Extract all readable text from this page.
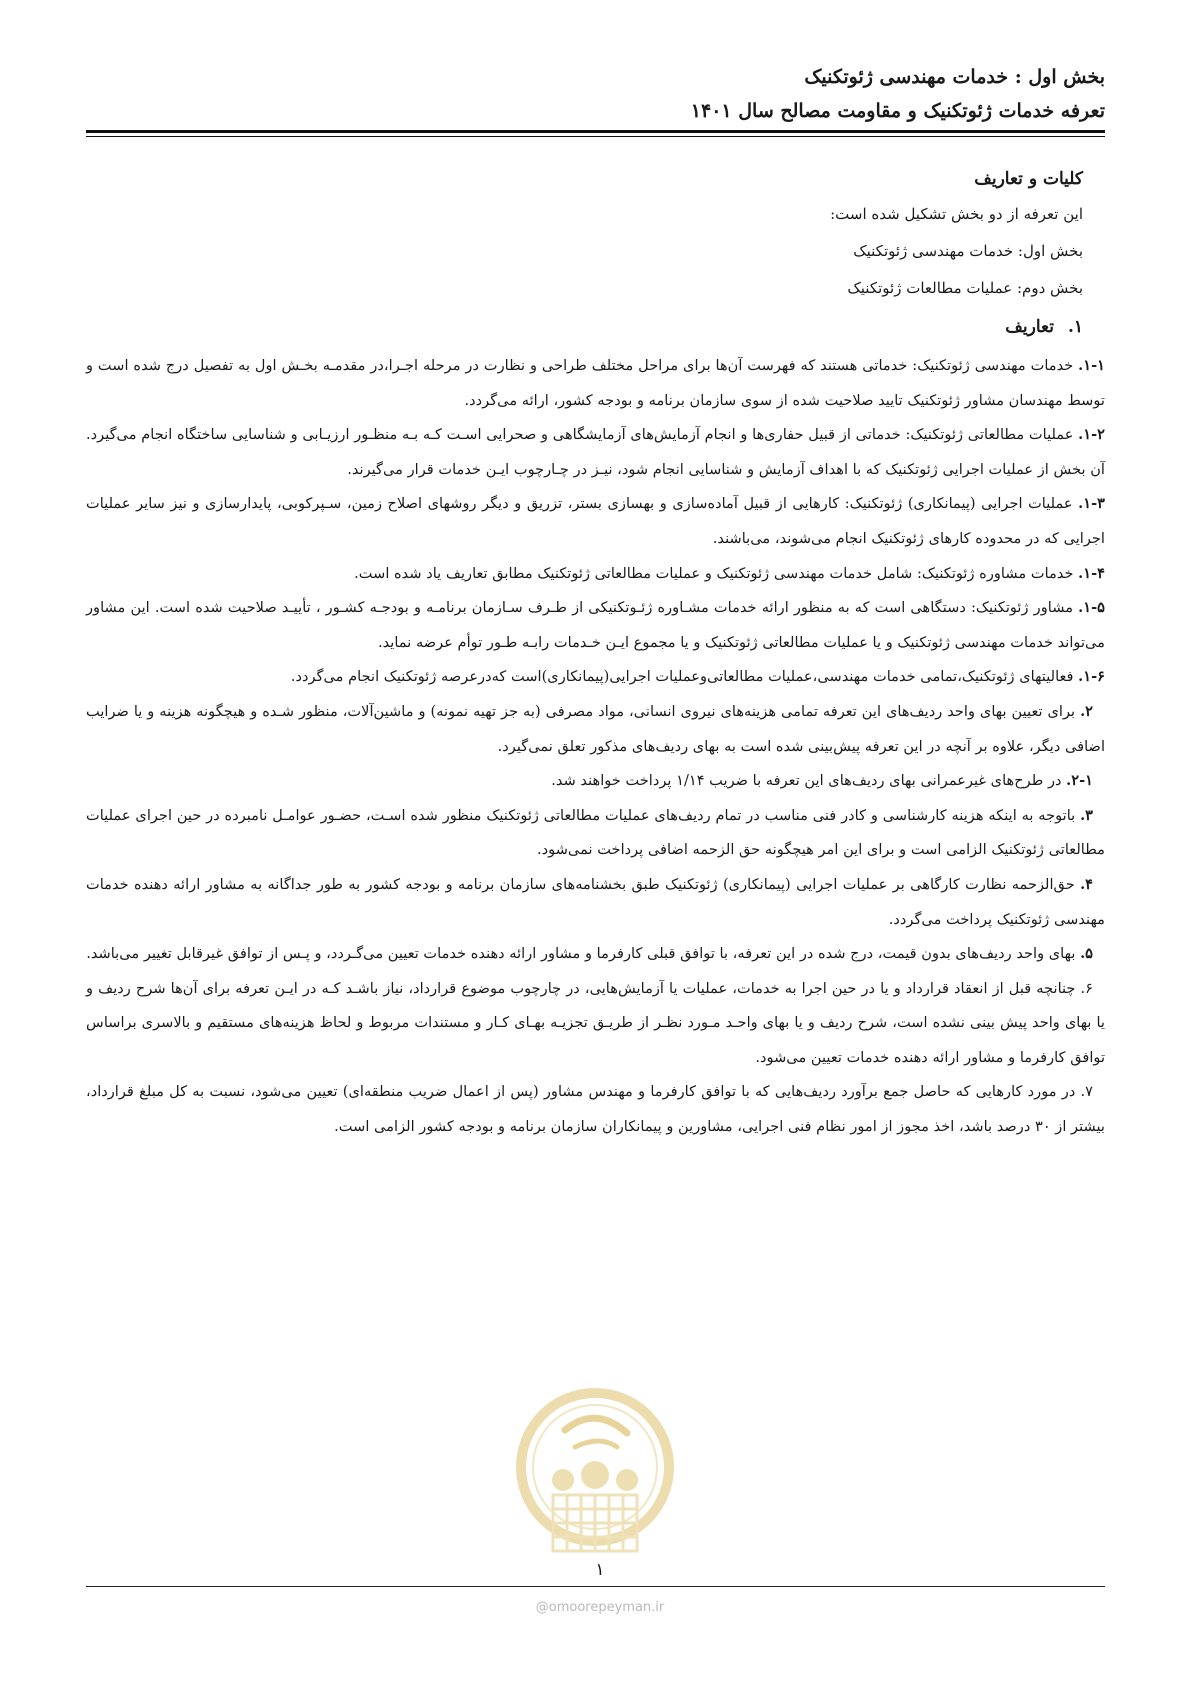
بخش اول : خدمات مهندسی ژئوتکنیک
تعرفه خدمات ژئوتکنیک و مقاومت مصالح سال ۱۴۰۱
کلیات و تعاریف
این تعرفه از دو بخش تشکیل شده است:
بخش اول: خدمات مهندسی ژئوتکنیک
بخش دوم: عملیات مطالعات ژئوتکنیک
۱.تعاریف

۱-۱. خدمات مهندسی ژئوتکنیک: خدماتی هستند که فهرست آن‌ها برای مراحل مختلف طراحی و نظارت در مرحله اجـرا،در مقدمـه بخـش اول به تفصیل درج شده است و توسط مهندسان مشاور ژئوتکنیک تایید صلاحیت شده از سوی سازمان برنامه و بودجه کشور، ارائه می‌گردد.

۱-۲. عملیات مطالعاتی ژئوتکنیک: خدماتی از قبیل حفاری‌ها و انجام آزمایش‌های آزمایشگاهی و صحرایی اسـت کـه بـه منظـور ارزیـابی و شناسایی ساختگاه انجام می‌گیرد. آن بخش از عملیات اجرایی ژئوتکنیک که با اهداف آزمایش و شناسایی انجام شود، نیـز در چـارچوب ایـن خدمات قرار می‌گیرند.

۱-۳. عملیات اجرایی (پیمانکاری) ژئوتکنیک: کارهایی از قبیل آماده‌سازی و بهسازی بستر، تزریق و دیگر روشهای اصلاح زمین، سـپرکوبی، پایدارسازی و نیز سایر عملیات اجرایی که در محدوده کارهای ژئوتکنیک انجام می‌شوند، می‌باشند.

۱-۴. خدمات مشاوره ژئوتکنیک: شامل خدمات مهندسی ژئوتکنیک و عملیات مطالعاتی ژئوتکنیک مطابق تعاریف یاد شده است.

۱-۵. مشاور ژئوتکنیک: دستگاهی است که به منظور ارائه خدمات مشـاوره ژئـوتکنیکی از طـرف سـازمان برنامـه و بودجـه کشـور ، تأییـد صلاحیت شده است. این مشاور می‌تواند خدمات مهندسی ژئوتکنیک و یا عملیات مطالعاتی ژئوتکنیک و یا مجموع ایـن خـدمات رابـه طـور توأم عرضه نماید.

۱-۶. فعالیتهای ژئوتکنیک،تمامی خدمات مهندسی،عملیات مطالعاتی‌وعملیات اجرایی(پیمانکاری)است که‌درعرصه ژئوتکنیک انجام می‌گردد.

۲. برای تعیین بهای واحد ردیف‌های این تعرفه تمامی هزینه‌های نیروی انسانی، مواد مصرفی (به جز تهیه نمونه) و ماشین‌آلات، منظور شـده و هیچگونه هزینه و یا ضرایب اضافی دیگر، علاوه بر آنچه در این تعرفه پیش‌بینی شده است به بهای ردیف‌های مذکور تعلق نمی‌گیرد.

۲-۱. در طرح‌های غیرعمرانی بهای ردیف‌های این تعرفه با ضریب ۱/۱۴ پرداخت خواهند شد.

۳. باتوجه به اینکه هزینه کارشناسی و کادر فنی مناسب در تمام ردیف‌های عملیات مطالعاتی ژئوتکنیک منظور شده اسـت، حضـور عوامـل نامبرده در حین اجرای عملیات مطالعاتی ژئوتکنیک الزامی است و برای این امر هیچگونه حق الزحمه اضافی پرداخت نمی‌شود.

۴. حق‌الزحمه نظارت کارگاهی بر عملیات اجرایی (پیمانکاری) ژئوتکنیک طبق بخشنامه‌های سازمان برنامه و بودجه کشور به طور جداگانه به مشاور ارائه دهنده خدمات مهندسی ژئوتکنیک پرداخت می‌گردد.

۵. بهای واحد ردیف‌های بدون قیمت، درج شده در این تعرفه، با توافق قبلی کارفرما و مشاور ارائه دهنده خدمات تعیین می‌گـردد، و پـس از توافق غیرقابل تغییر می‌باشد.

۶. چنانچه قبل از انعقاد قرارداد و یا در حین اجرا به خدمات، عملیات یا آزمایش‌هایی، در چارچوب موضوع قرارداد، نیاز باشـد کـه در ایـن تعرفه برای آن‌ها شرح ردیف و یا بهای واحد پیش بینی نشده است، شرح ردیف و یا بهای واحـد مـورد نظـر از طریـق تجزیـه بهـای کـار و مستندات مربوط و لحاظ هزینه‌های مستقیم و بالاسری براساس توافق کارفرما و مشاور ارائه دهنده خدمات تعیین می‌شود.

۷. در مورد کارهایی که حاصل جمع برآورد ردیف‌هایی که با توافق کارفرما و مهندس مشاور (پس از اعمال ضریب منطقه‌ای) تعیین می‌شود، نسبت به کل مبلغ قرارداد، بیشتر از ۳۰ درصد باشد، اخذ مجوز از امور نظام فنی اجرایی، مشاورین و پیمانکاران سازمان برنامه و بودجه کشور الزامی است.

۱
@omoorepeyman.ir
